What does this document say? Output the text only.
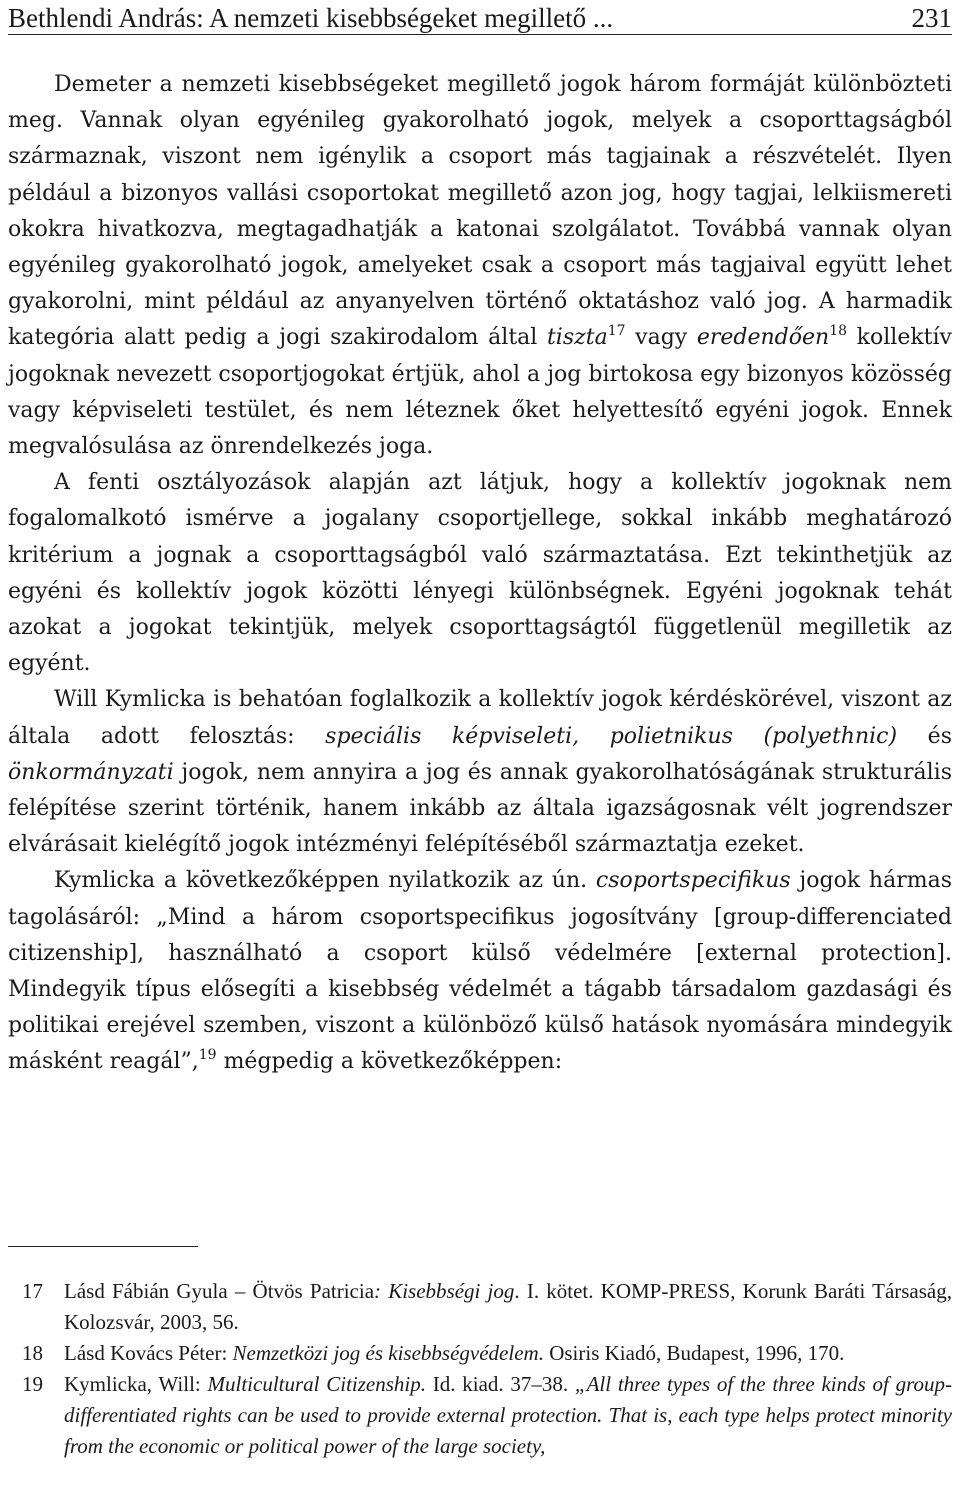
Bethlendi András: A nemzeti kisebbségeket megillető ...	231

Demeter a nemzeti kisebbségeket megillető jogok három formáját különbözteti meg. Vannak olyan egyénileg gyakorolható jogok, melyek a csoporttagságból származnak, viszont nem igénylik a csoport más tagjainak a részvételét. Ilyen például a bizonyos vallási csoportokat megillető azon jog, hogy tagjai, lelkiismereti okokra hivatkozva, megtagadhatják a katonai szolgálatot. Továbbá vannak olyan egyénileg gyakorolható jogok, amelyeket csak a csoport más tagjaival együtt lehet gyakorolni, mint például az anyanyelven történő oktatáshoz való jog. A harmadik kategória alatt pedig a jogi szakirodalom által tiszta$^{17}$ vagy eredendően$^{18}$ kollektív jogoknak nevezett csoportjogokat értjük, ahol a jog birtokosa egy bizonyos közösség vagy képviseleti testület, és nem léteznek őket helyettesítő egyéni jogok. Ennek megvalósulása az önrendelkezés joga.

A fenti osztályozások alapján azt látjuk, hogy a kollektív jogoknak nem fogalomalkotó ismérve a jogalany csoportjellege, sokkal inkább meghatározó kritérium a jognak a csoporttagságból való származtatása. Ezt tekinthetjük az egyéni és kollektív jogok közötti lényegi különbségnek. Egyéni jogoknak tehát azokat a jogokat tekintjük, melyek csoporttagságtól függetlenül megilletik az egyént.

Will Kymlicka is behatóan foglalkozik a kollektív jogok kérdéskörével, viszont az általa adott felosztás: speciális képviseleti, polietnikus (polyethnic) és önkormányzati jogok, nem annyira a jog és annak gyakorolhatóságának strukturális felépítése szerint történik, hanem inkább az általa igazságosnak vélt jogrendszer elvárásait kielégítő jogok intézményi felépítéséből származtatja ezeket.

Kymlicka a következőképpen nyilatkozik az ún. csoportspecifikus jogok hármas tagolásáról: „Mind a három csoportspecifikus jogosítvány [group-differenciated citizenship], használható a csoport külső védelmére [external protection]. Mindegyik típus elősegíti a kisebbség védelmét a tágabb társadalom gazdasági és politikai erejével szemben, viszont a különböző külső hatások nyomására mindegyik másként reagál”,$^{19}$ mégpedig a következőképpen:

17 Lásd Fábián Gyula – Ötvös Patricia: Kisebbségi jog. I. kötet. KOMP-PRESS, Korunk Baráti Társaság, Kolozsvár, 2003, 56.
18 Lásd Kovács Péter: Nemzetközi jog és kisebbségvédelem. Osiris Kiadó, Budapest, 1996, 170.
19 Kymlicka, Will: Multicultural Citizenship. Id. kiad. 37–38. „All three types of the three kinds of group-differentiated rights can be used to provide external protection. That is, each type helps protect minority from the economic or political power of the large society,
